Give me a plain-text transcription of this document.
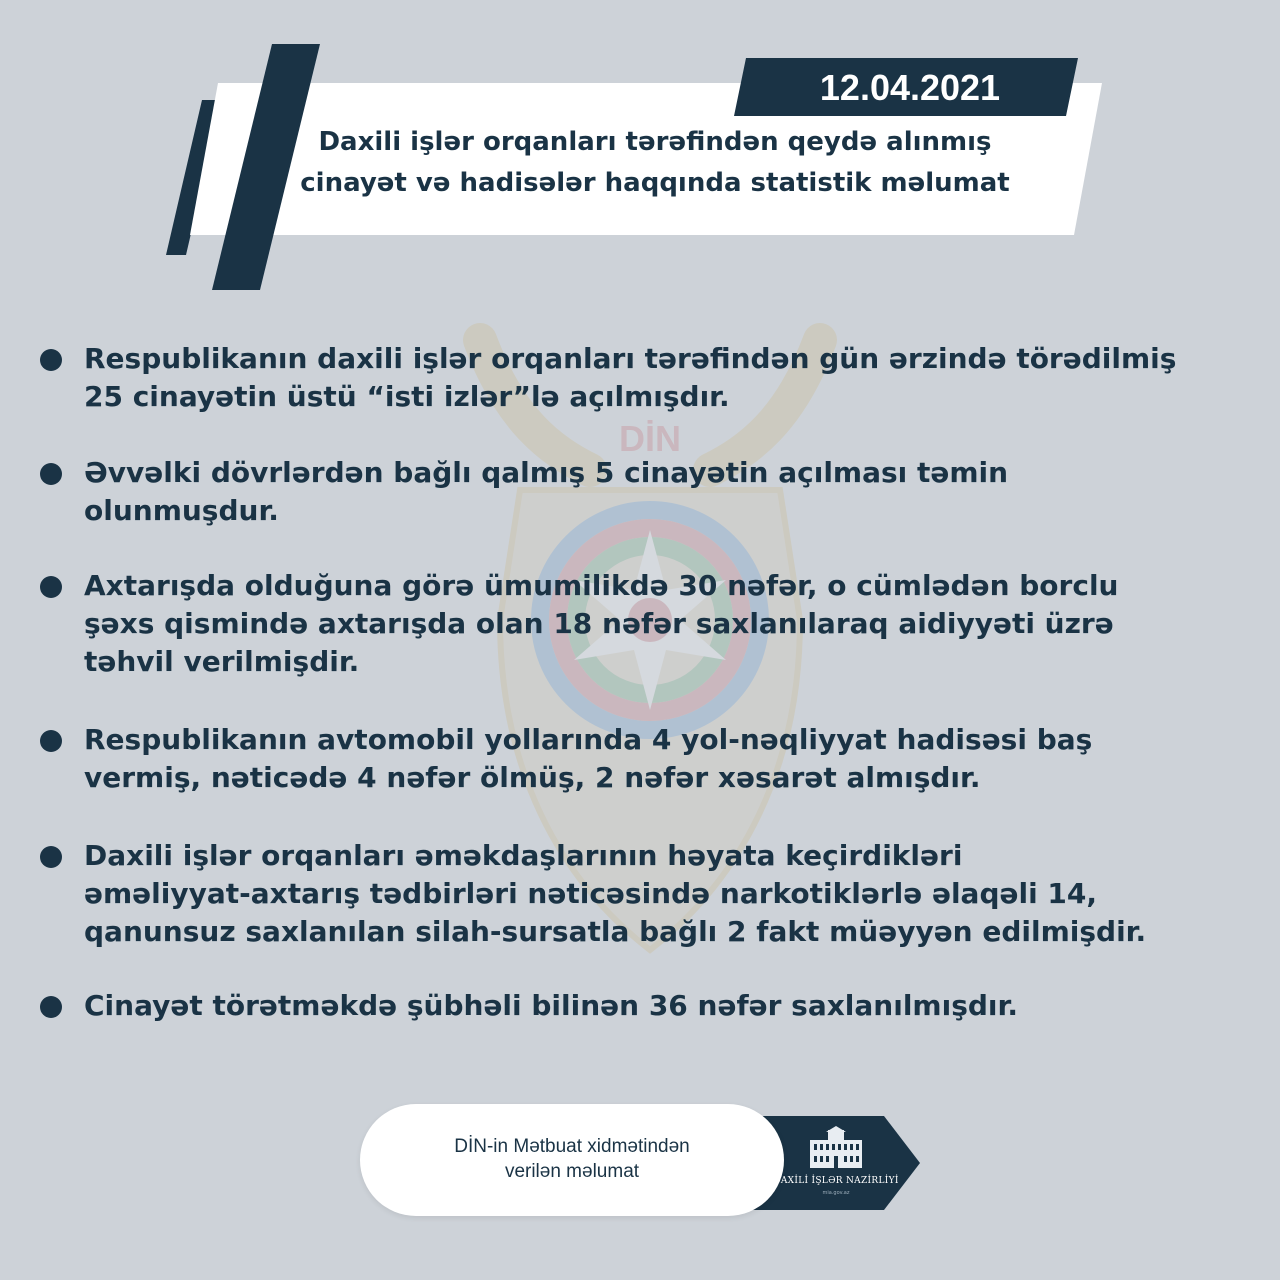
DİN
12.04.2021
Daxili işlər orqanları tərəfindən qeydə alınmış
cinayət və hadisələr haqqında statistik məlumat
Respublikanın daxili işlər orqanları tərəfindən gün ərzində törədilmiş
25 cinayətin üstü “isti izlər”lə açılmışdır.
Əvvəlki dövrlərdən bağlı qalmış 5 cinayətin açılması təmin
olunmuşdur.
Axtarışda olduğuna görə ümumilikdə 30 nəfər, o cümlədən borclu
şəxs qismində axtarışda olan 18 nəfər saxlanılaraq aidiyyəti üzrə
təhvil verilmişdir.
Respublikanın avtomobil yollarında 4 yol-nəqliyyat hadisəsi baş
vermiş, nəticədə 4 nəfər ölmüş, 2 nəfər xəsarət almışdır.
Daxili işlər orqanları əməkdaşlarının həyata keçirdikləri
əməliyyat-axtarış tədbirləri nəticəsində narkotiklərlə əlaqəli 14,
qanunsuz saxlanılan silah-sursatla bağlı 2 fakt müəyyən edilmişdir.
Cinayət törətməkdə şübhəli bilinən 36 nəfər saxlanılmışdır.
DİN-in Mətbuat xidmətindən
verilən məlumat	DAXİLİ İŞLƏR NAZİRLİYİ
mia.gov.az
